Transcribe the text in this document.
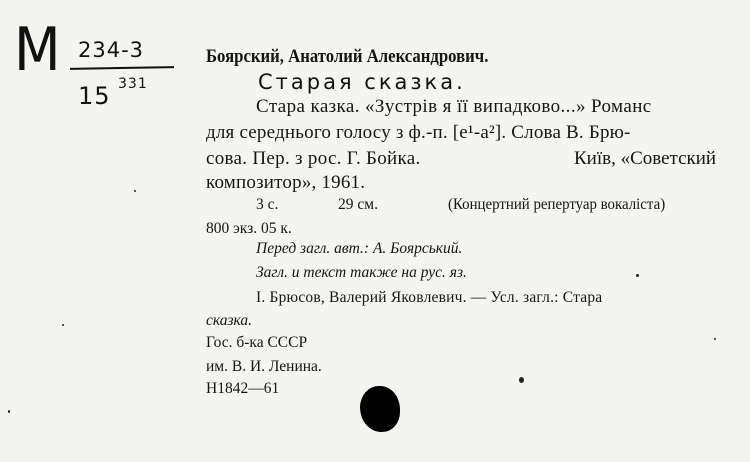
М 234-3
15 331
Боярский, Анатолий Александрович.
Старая сказка.
Стара казка. «Зустрів я її випадково...» Романс
для середнього голосу з ф.-п. [e¹-a²]. Слова В. Брю-
сова. Пер. з рос. Г. Бойка.	Київ, «Советский
композитор», 1961.
3 с.	29 см.	(Концертний репертуар вокаліста)
800 экз. 05 к.
Перед загл. авт.: А. Боярський.
Загл. и текст также на рус. яз.
I. Брюсов, Валерий Яковлевич. — Усл. загл.: Стара
сказка.
Гос. б-ка СССР
им. В. И. Ленина.
Н1842—61
